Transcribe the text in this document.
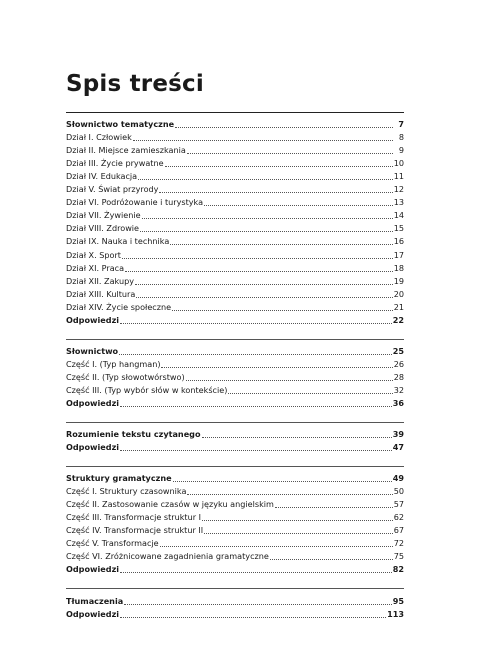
Spis treści
Słownictwo tematyczne	7
Dział I. Człowiek	8
Dział II. Miejsce zamieszkania	9
Dział III. Życie prywatne	10
Dział IV. Edukacja	11
Dział V. Świat przyrody	12
Dział VI. Podróżowanie i turystyka	13
Dział VII. Żywienie	14
Dział VIII. Zdrowie	15
Dział IX. Nauka i technika	16
Dział X. Sport	17
Dział XI. Praca	18
Dział XII. Zakupy	19
Dział XIII. Kultura	20
Dział XIV. Życie społeczne	21
Odpowiedzi	22
Słownictwo	25
Część I. (Typ hangman)	26
Część II. (Typ słowotwórstwo)	28
Część III. (Typ wybór słów w kontekście)	32
Odpowiedzi	36
Rozumienie tekstu czytanego	39
Odpowiedzi	47
Struktury gramatyczne	49
Część I. Struktury czasownika	50
Część II. Zastosowanie czasów w języku angielskim	57
Część III. Transformacje struktur I	62
Część IV. Transformacje struktur II	67
Część V. Transformacje	72
Część VI. Zróżnicowane zagadnienia gramatyczne	75
Odpowiedzi	82
Tłumaczenia	95
Odpowiedzi	113
